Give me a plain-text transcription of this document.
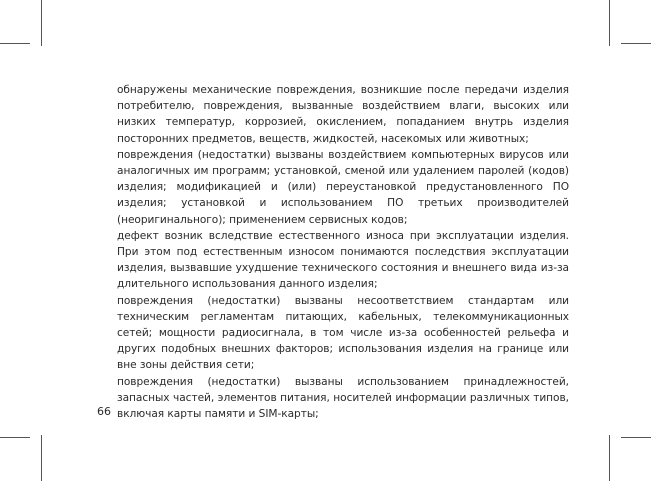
обнаружены механические повреждения, возникшие после передачи изделия потребителю, повреждения, вызванные воздействием влаги, высоких или низких температур, коррозией, окислением, попаданием внутрь изделия посторонних предметов, веществ, жидкостей, насекомых или животных;

повреждения (недостатки) вызваны воздействием компьютерных вирусов или аналогичных им программ; установкой, сменой или удалением паролей (кодов) изделия; модификацией и (или) переустановкой предустановленного ПО изделия; установкой и использованием ПО третьих производителей (неоригинального); применением сервисных кодов;

дефект возник вследствие естественного износа при эксплуатации изделия. При этом под естественным износом понимаются последствия эксплуатации изделия, вызвавшие ухудшение технического состояния и внешнего вида из-за длительного использования данного изделия;

повреждения (недостатки) вызваны несоответствием стандартам или техническим регламентам питающих, кабельных, телекоммуникационных сетей; мощности радиосигнала, в том числе из-за особенностей рельефа и других подобных внешних факторов; использования изделия на границе или вне зоны действия сети;

повреждения (недостатки) вызваны использованием принадлежностей, запасных частей, элементов питания, носителей информации различных типов, включая карты памяти и SIM-карты;

66
